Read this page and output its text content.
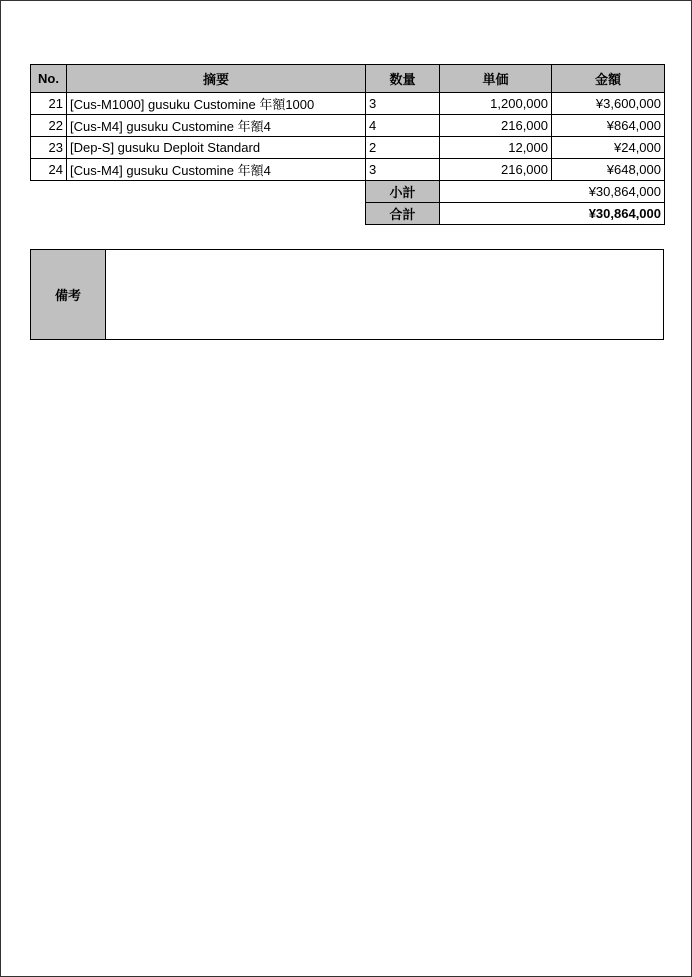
No.	摘要	数量	単価	金額
21	[Cus-M1000] gusuku Customine 年額1000	3	1,200,000	¥3,600,000
22	[Cus-M4] gusuku Customine 年額4	4	216,000	¥864,000
23	[Dep-S] gusuku Deploit Standard	2	12,000	¥24,000
24	[Cus-M4] gusuku Customine 年額4	3	216,000	¥648,000
		小計	¥30,864,000	
		合計	¥30,864,000	
備考
